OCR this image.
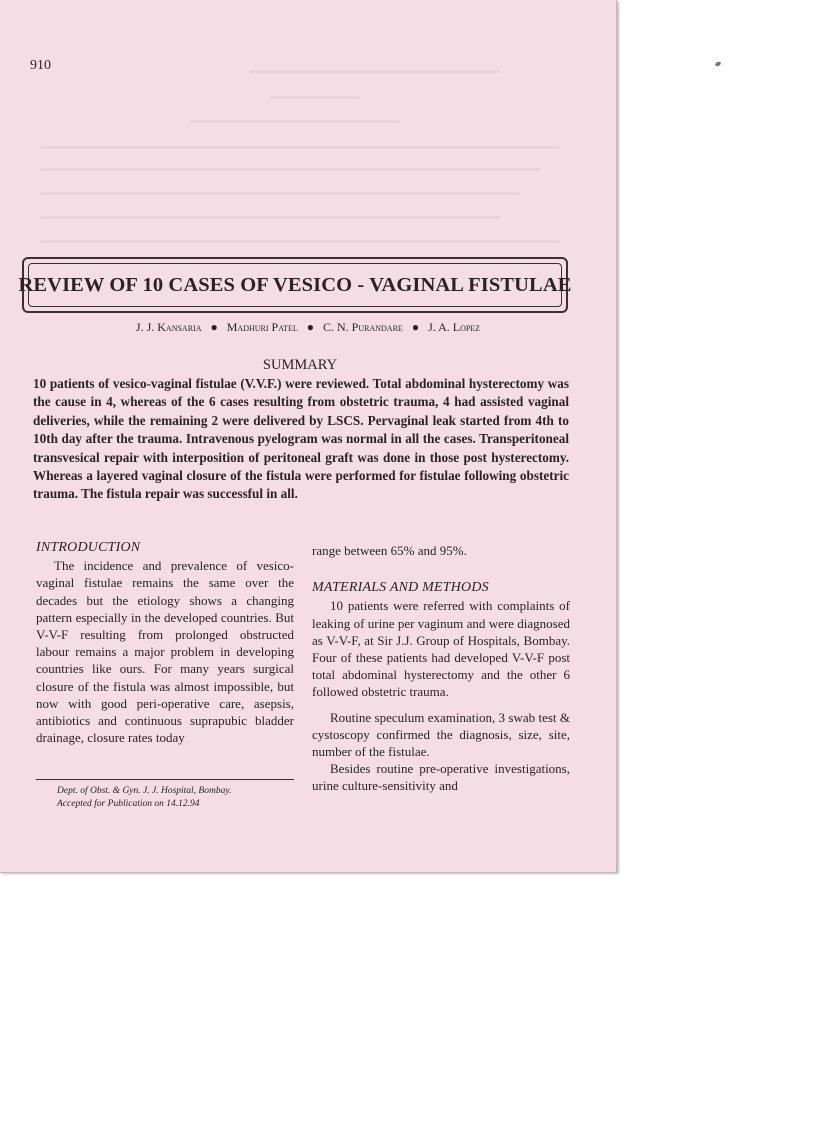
910
REVIEW OF 10 CASES OF VESICO - VAGINAL FISTULAE
J. J. Kansaria ● Madhuri Patel ● C. N. Purandare ● J. A. Lopez
SUMMARY
10 patients of vesico-vaginal fistulae (V.V.F.) were reviewed. Total abdominal hysterectomy was the cause in 4, whereas of the 6 cases resulting from obstetric trauma, 4 had assisted vaginal deliveries, while the remaining 2 were delivered by LSCS. Pervaginal leak started from 4th to 10th day after the trauma. Intravenous pyelogram was normal in all the cases. Transperitoneal transvesical repair with interposition of peritoneal graft was done in those post hysterectomy. Whereas a layered vaginal closure of the fistula were performed for fistulae following obstetric trauma. The fistula repair was successful in all.
INTRODUCTION

The incidence and prevalence of vesico-vaginal fistulae remains the same over the decades but the etiology shows a changing pattern especially in the developed countries. But V-V-F resulting from prolonged obstructed labour remains a major problem in developing countries like ours. For many years surgical closure of the fistula was almost impossible, but now with good peri-operative care, asepsis, antibiotics and continuous suprapubic bladder drainage, closure rates today

Dept. of Obst. & Gyn. J. J. Hospital, Bombay.
Accepted for Publication on 14.12.94

range between 65% and 95%.

MATERIALS AND METHODS

10 patients were referred with complaints of leaking of urine per vaginum and were diagnosed as V-V-F, at Sir J.J. Group of Hospitals, Bombay. Four of these patients had developed V-V-F post total abdominal hysterectomy and the other 6 followed obstetric trauma.

Routine speculum examination, 3 swab test & cystoscopy confirmed the diagnosis, size, site, number of the fistulae.

Besides routine pre-operative investigations, urine culture-sensitivity and
